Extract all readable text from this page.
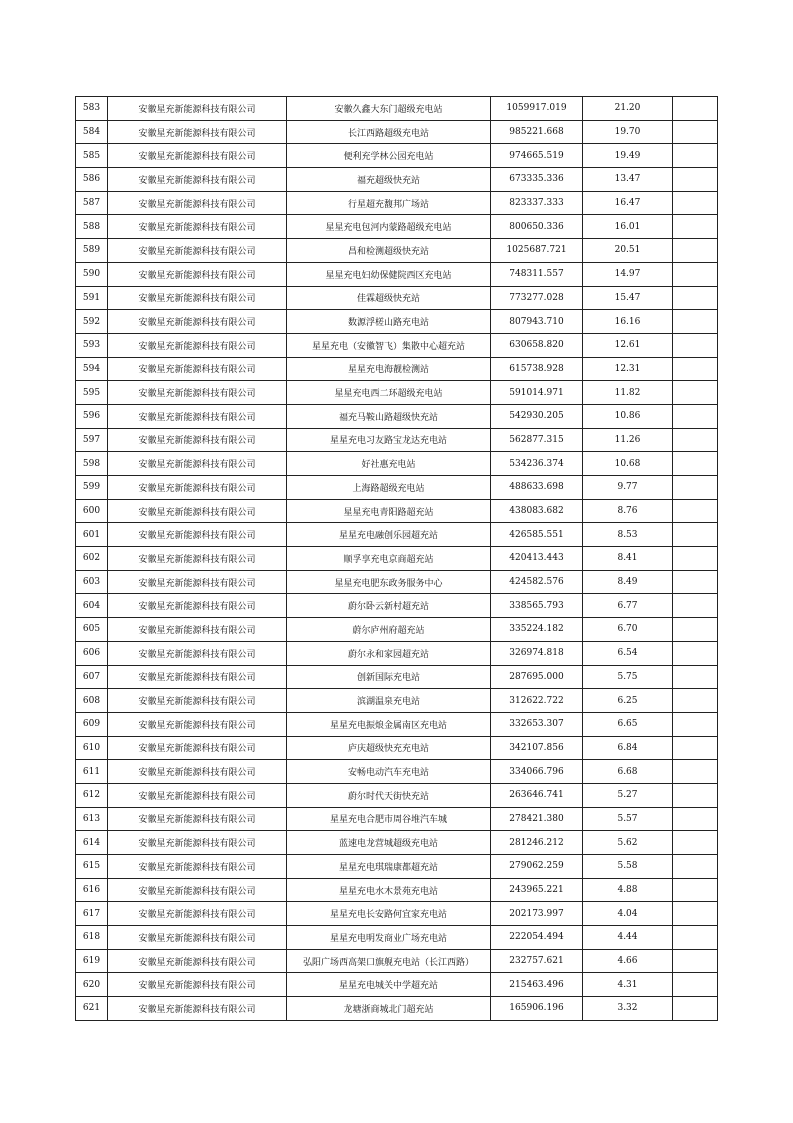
583	安徽星充新能源科技有限公司	安徽久鑫大东门超级充电站	1059917.019	21.20	
584	安徽星充新能源科技有限公司	长江西路超级充电站	985221.668	19.70	
585	安徽星充新能源科技有限公司	便利充学林公园充电站	974665.519	19.49	
586	安徽星充新能源科技有限公司	福充超级快充站	673335.336	13.47	
587	安徽星充新能源科技有限公司	行星超充馥邦广场站	823337.333	16.47	
588	安徽星充新能源科技有限公司	星星充电包河内蒙路超级充电站	800650.336	16.01	
589	安徽星充新能源科技有限公司	昌和检测超级快充站	1025687.721	20.51	
590	安徽星充新能源科技有限公司	星星充电妇幼保健院西区充电站	748311.557	14.97	
591	安徽星充新能源科技有限公司	佳霖超级快充站	773277.028	15.47	
592	安徽星充新能源科技有限公司	数源浮槎山路充电站	807943.710	16.16	
593	安徽星充新能源科技有限公司	星星充电（安徽智飞）集散中心超充站	630658.820	12.61	
594	安徽星充新能源科技有限公司	星星充电海靓检测站	615738.928	12.31	
595	安徽星充新能源科技有限公司	星星充电西二环超级充电站	591014.971	11.82	
596	安徽星充新能源科技有限公司	福充马鞍山路超级快充站	542930.205	10.86	
597	安徽星充新能源科技有限公司	星星充电习友路宝龙达充电站	562877.315	11.26	
598	安徽星充新能源科技有限公司	好社惠充电站	534236.374	10.68	
599	安徽星充新能源科技有限公司	上海路超级充电站	488633.698	9.77	
600	安徽星充新能源科技有限公司	星星充电青阳路超充站	438083.682	8.76	
601	安徽星充新能源科技有限公司	星星充电融创乐园超充站	426585.551	8.53	
602	安徽星充新能源科技有限公司	顺孚享充电京商超充站	420413.443	8.41	
603	安徽星充新能源科技有限公司	星星充电肥东政务服务中心	424582.576	8.49	
604	安徽星充新能源科技有限公司	蔚尔卧云新村超充站	338565.793	6.77	
605	安徽星充新能源科技有限公司	蔚尔庐州府超充站	335224.182	6.70	
606	安徽星充新能源科技有限公司	蔚尔永和家园超充站	326974.818	6.54	
607	安徽星充新能源科技有限公司	创新国际充电站	287695.000	5.75	
608	安徽星充新能源科技有限公司	滨湖温泉充电站	312622.722	6.25	
609	安徽星充新能源科技有限公司	星星充电振烺金属南区充电站	332653.307	6.65	
610	安徽星充新能源科技有限公司	庐庆超级快充充电站	342107.856	6.84	
611	安徽星充新能源科技有限公司	安畅电动汽车充电站	334066.796	6.68	
612	安徽星充新能源科技有限公司	蔚尔时代天街快充站	263646.741	5.27	
613	安徽星充新能源科技有限公司	星星充电合肥市周谷堆汽车城	278421.380	5.57	
614	安徽星充新能源科技有限公司	蓝速电龙营城超级充电站	281246.212	5.62	
615	安徽星充新能源科技有限公司	星星充电琪瑞康都超充站	279062.259	5.58	
616	安徽星充新能源科技有限公司	星星充电水木景苑充电站	243965.221	4.88	
617	安徽星充新能源科技有限公司	星星充电长安路何宜家充电站	202173.997	4.04	
618	安徽星充新能源科技有限公司	星星充电明发商业广场充电站	222054.494	4.44	
619	安徽星充新能源科技有限公司	弘阳广场西高架口旗舰充电站（长江西路）	232757.621	4.66	
620	安徽星充新能源科技有限公司	星星充电城关中学超充站	215463.496	4.31	
621	安徽星充新能源科技有限公司	龙塘浙商城北门超充站	165906.196	3.32	
